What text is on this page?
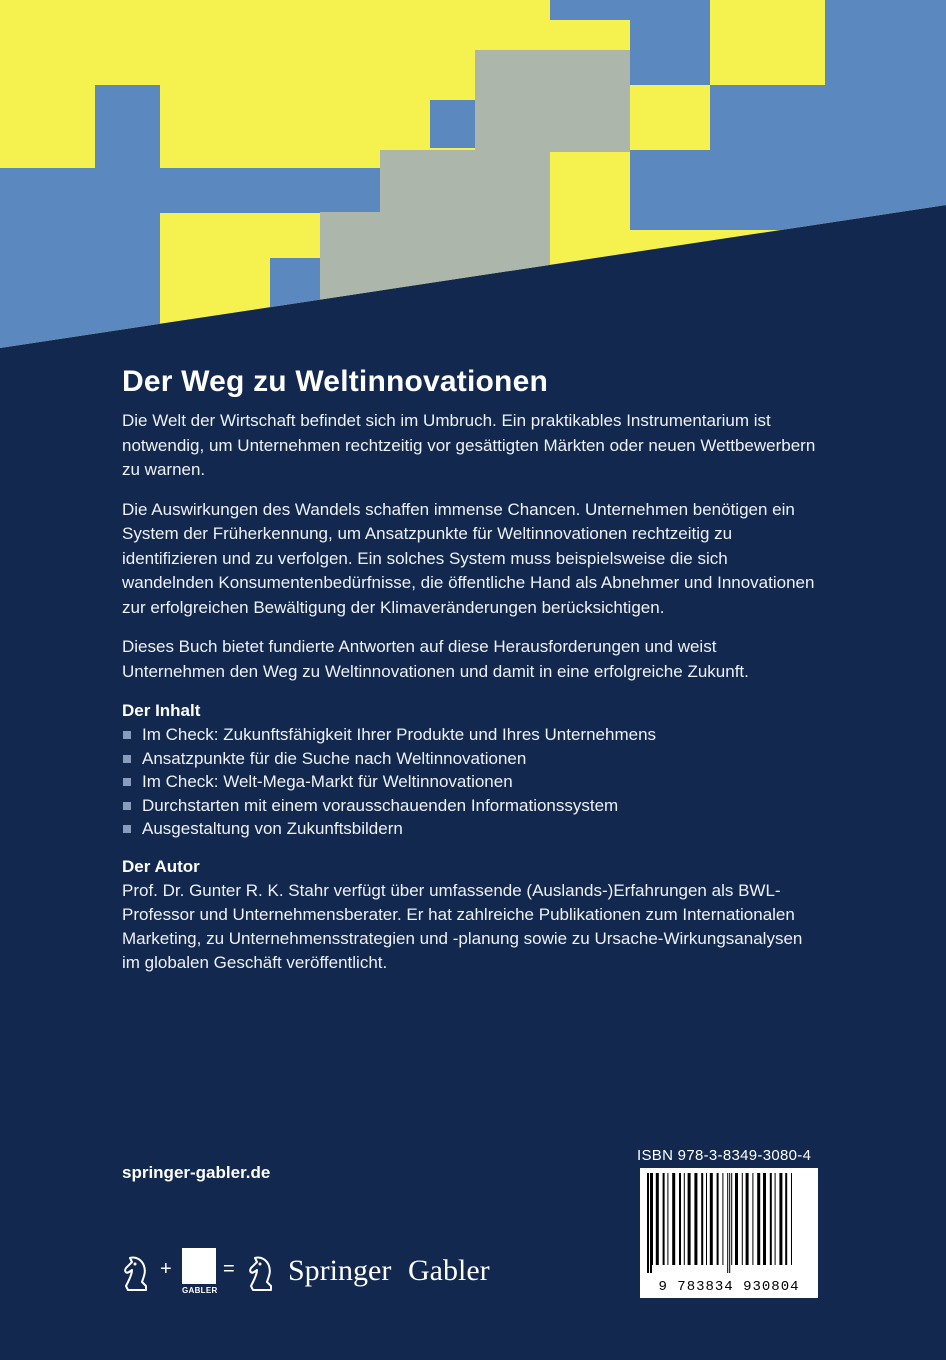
Der Weg zu Weltinnovationen

Die Welt der Wirtschaft befindet sich im Umbruch. Ein praktikables Instrumentarium ist notwendig, um Unternehmen rechtzeitig vor gesättigten Märkten oder neuen Wettbewerbern zu warnen.

Die Auswirkungen des Wandels schaffen immense Chancen. Unternehmen benötigen ein System der Früherkennung, um Ansatzpunkte für Weltinnovationen rechtzeitig zu identifizieren und zu verfolgen. Ein solches System muss beispielsweise die sich wandelnden Konsumentenbedürfnisse, die öffentliche Hand als Abnehmer und Innovationen zur erfolgreichen Bewältigung der Klimaveränderungen berücksichtigen.

Dieses Buch bietet fundierte Antworten auf diese Herausforderungen und weist Unternehmen den Weg zu Weltinnovationen und damit in eine erfolgreiche Zukunft.

Der Inhalt
Im Check: Zukunftsfähigkeit Ihrer Produkte und Ihres Unternehmens
Ansatzpunkte für die Suche nach Weltinnovationen
Im Check: Welt-Mega-Markt für Weltinnovationen
Durchstarten mit einem vorausschauenden Informationssystem
Ausgestaltung von Zukunftsbildern
Der Autor

Prof. Dr. Gunter R. K. Stahr verfügt über umfassende (Auslands-)Erfahrungen als BWL-Professor und Unternehmensberater. Er hat zahlreiche Publikationen zum Internationalen Marketing, zu Unternehmensstrategien und -planung sowie zu Ursache-Wirkungsanalysen im globalen Geschäft veröffentlicht.

springer-gabler.de
ISBN 978-3-8349-3080-4
9 783834 930804
+
GABLER
= Springer Gabler
